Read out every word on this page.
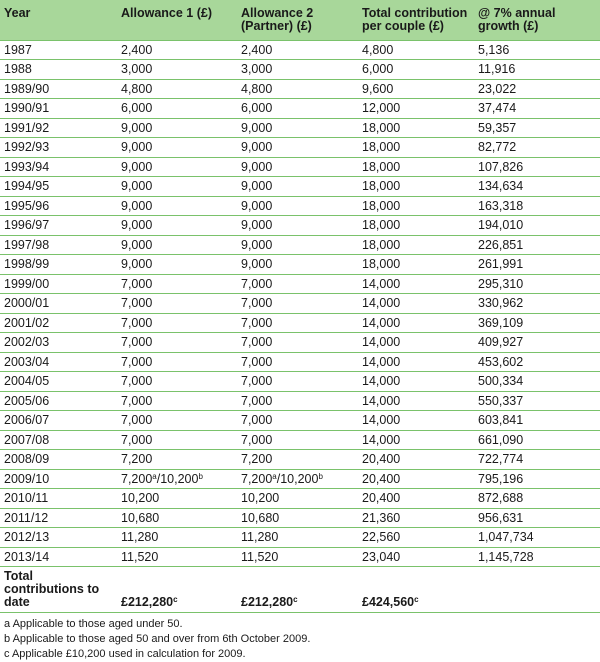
Year	Allowance 1 (£)	Allowance 2 (Partner) (£)	Total contribution per couple (£)	@ 7% annual growth (£)
1987	2,400	2,400	4,800	5,136
1988	3,000	3,000	6,000	11,916
1989/90	4,800	4,800	9,600	23,022
1990/91	6,000	6,000	12,000	37,474
1991/92	9,000	9,000	18,000	59,357
1992/93	9,000	9,000	18,000	82,772
1993/94	9,000	9,000	18,000	107,826
1994/95	9,000	9,000	18,000	134,634
1995/96	9,000	9,000	18,000	163,318
1996/97	9,000	9,000	18,000	194,010
1997/98	9,000	9,000	18,000	226,851
1998/99	9,000	9,000	18,000	261,991
1999/00	7,000	7,000	14,000	295,310
2000/01	7,000	7,000	14,000	330,962
2001/02	7,000	7,000	14,000	369,109
2002/03	7,000	7,000	14,000	409,927
2003/04	7,000	7,000	14,000	453,602
2004/05	7,000	7,000	14,000	500,334
2005/06	7,000	7,000	14,000	550,337
2006/07	7,000	7,000	14,000	603,841
2007/08	7,000	7,000	14,000	661,090
2008/09	7,200	7,200	20,400	722,774
2009/10	7,200$^a$/10,200$^b$	7,200$^a$/10,200$^b$	20,400	795,196
2010/11	10,200	10,200	20,400	872,688
2011/12	10,680	10,680	21,360	956,631
2012/13	11,280	11,280	22,560	1,047,734
2013/14	11,520	11,520	23,040	1,145,728
Total contributions to date	£212,280$^c$	£212,280$^c$	£424,560$^c$	
a Applicable to those aged under 50.
b Applicable to those aged 50 and over from 6th October 2009.
c Applicable £10,200 used in calculation for 2009.
